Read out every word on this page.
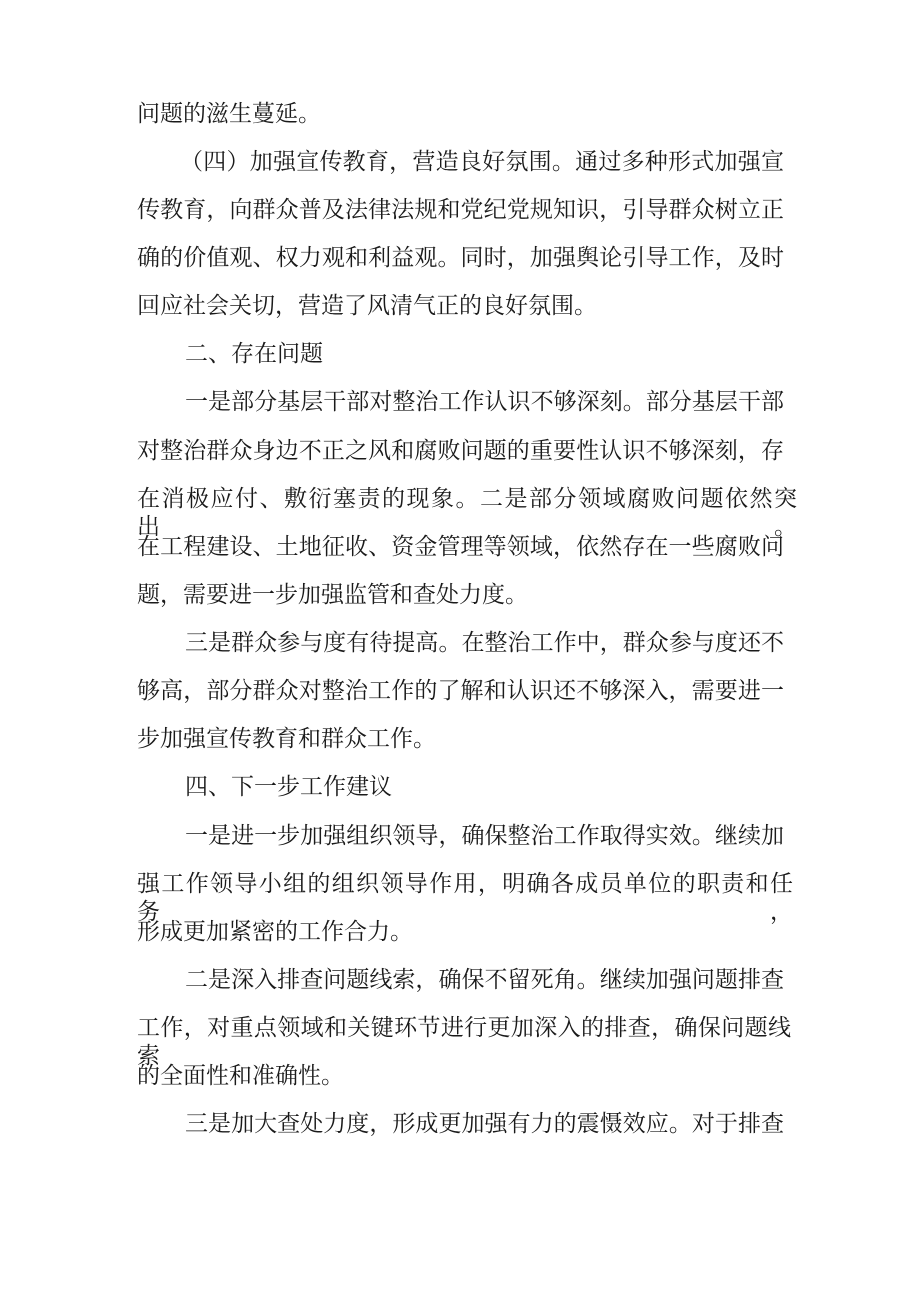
问题的滋生蔓延。
（四）加强宣传教育，营造良好氛围。通过多种形式加强宣
传教育，向群众普及法律法规和党纪党规知识，引导群众树立正
确的价值观、权力观和利益观。同时，加强舆论引导工作，及时
回应社会关切，营造了风清气正的良好氛围。
二、存在问题
一是部分基层干部对整治工作认识不够深刻。部分基层干部
对整治群众身边不正之风和腐败问题的重要性认识不够深刻，存
在消极应付、敷衍塞责的现象。二是部分领域腐败问题依然突出。
在工程建设、土地征收、资金管理等领域，依然存在一些腐败问
题，需要进一步加强监管和查处力度。
三是群众参与度有待提高。在整治工作中，群众参与度还不
够高，部分群众对整治工作的了解和认识还不够深入，需要进一
步加强宣传教育和群众工作。
四、下一步工作建议
一是进一步加强组织领导，确保整治工作取得实效。继续加
强工作领导小组的组织领导作用，明确各成员单位的职责和任务，
形成更加紧密的工作合力。
二是深入排查问题线索，确保不留死角。继续加强问题排查
工作，对重点领域和关键环节进行更加深入的排查，确保问题线索
的全面性和准确性。
三是加大查处力度，形成更加强有力的震慑效应。对于排查
